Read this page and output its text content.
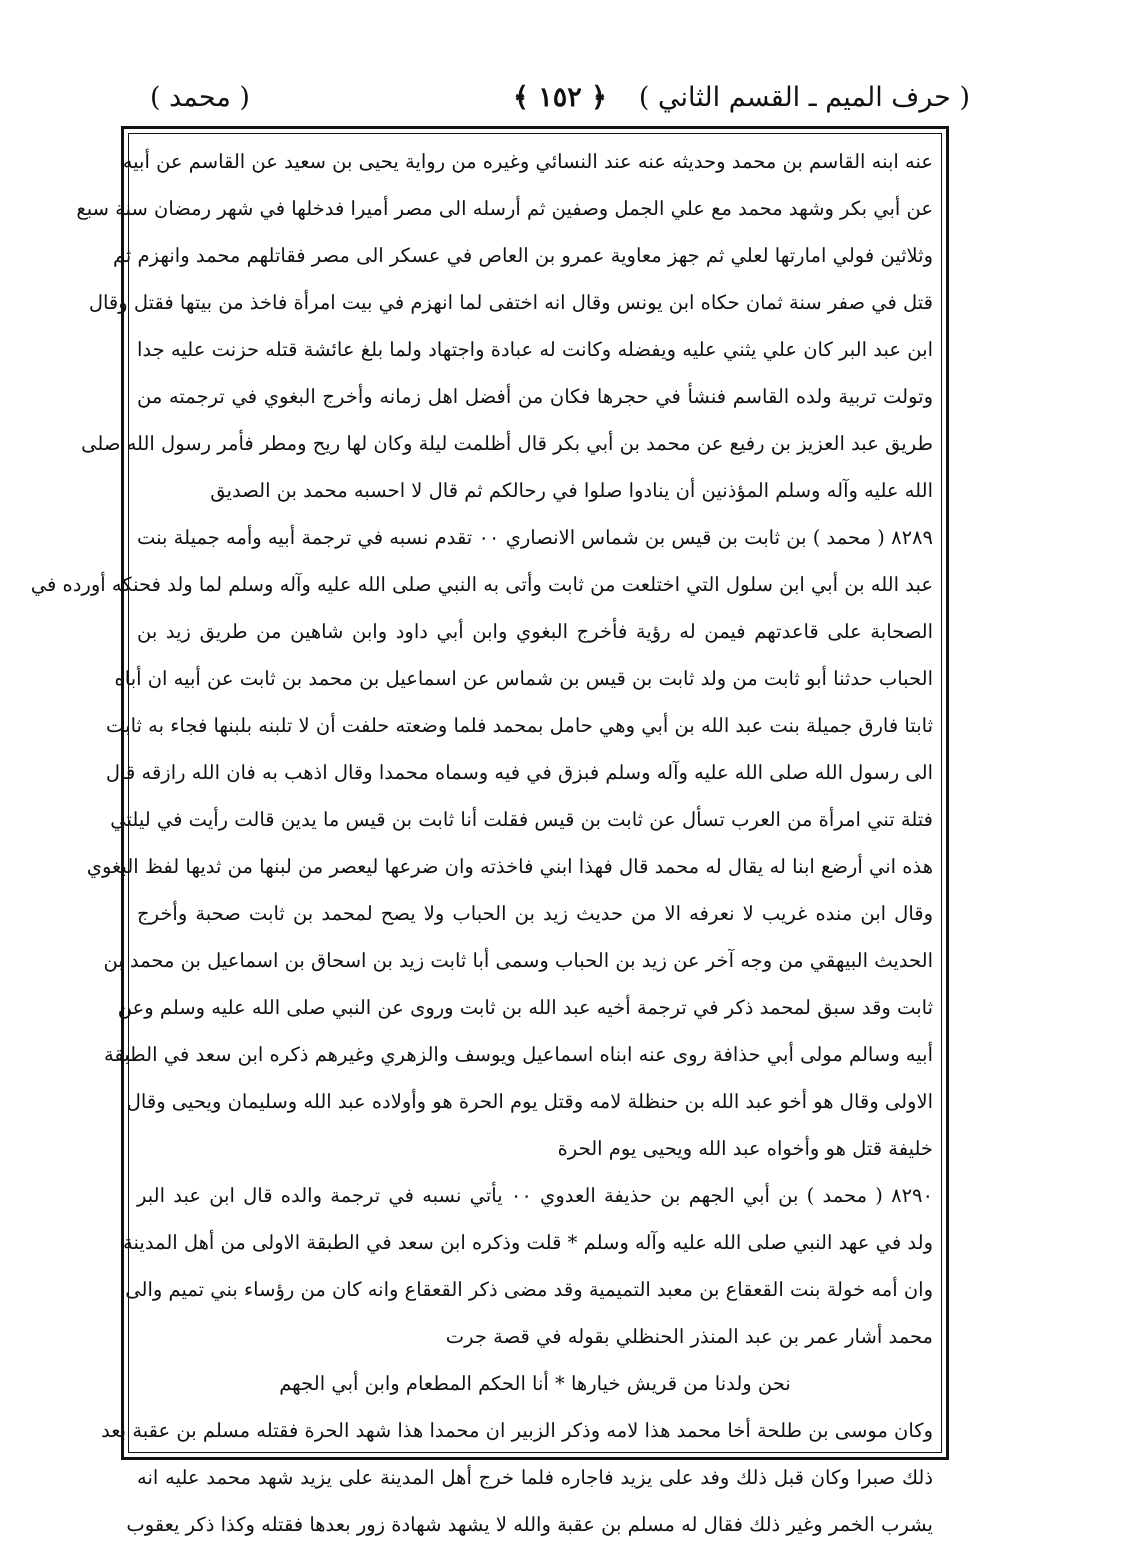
( حرف الميم ـ القسم الثاني )
﴿ ١٥٢ ﴾
( محمد )
عنه ابنه القاسم بن محمد وحديثه عنه عند النسائي وغيره من رواية يحيى بن سعيد عن القاسم عن أبيه
عن أبي بكر وشهد محمد مع علي الجمل وصفين ثم أرسله الى مصر أميرا فدخلها في شهر رمضان سنة سبع
وثلاثين فولي امارتها لعلي ثم جهز معاوية عمرو بن العاص في عسكر الى مصر فقاتلهم محمد وانهزم ثم
قتل في صفر سنة ثمان حكاه ابن يونس وقال انه اختفى لما انهزم في بيت امرأة فاخذ من بيتها فقتل وقال
ابن عبد البر كان علي يثني عليه ويفضله وكانت له عبادة واجتهاد ولما بلغ عائشة قتله حزنت عليه جدا
وتولت تربية ولده القاسم فنشأ في حجرها فكان من أفضل اهل زمانه وأخرج البغوي في ترجمته من
طريق عبد العزيز بن رفيع عن محمد بن أبي بكر قال أظلمت ليلة وكان لها ريح ومطر فأمر رسول الله صلى
الله عليه وآله وسلم المؤذنين أن ينادوا صلوا في رحالكم ثم قال لا احسبه محمد بن الصديق
٨٢٨٩ ( محمد ) بن ثابت بن قيس بن شماس الانصاري ٠٠ تقدم نسبه في ترجمة أبيه وأمه جميلة بنت
عبد الله بن أبي ابن سلول التي اختلعت من ثابت وأتى به النبي صلى الله عليه وآله وسلم لما ولد فحنكه أورده في
الصحابة على قاعدتهم فيمن له رؤية فأخرج البغوي وابن أبي داود وابن شاهين من طريق زيد بن
الحباب حدثنا أبو ثابت من ولد ثابت بن قيس بن شماس عن اسماعيل بن محمد بن ثابت عن أبيه ان أباه
ثابتا فارق جميلة بنت عبد الله بن أبي وهي حامل بمحمد فلما وضعته حلفت أن لا تلبنه بلبنها فجاء به ثابت
الى رسول الله صلى الله عليه وآله وسلم فبزق في فيه وسماه محمدا وقال اذهب به فان الله رازقه قال
فتلة تني امرأة من العرب تسأل عن ثابت بن قيس فقلت أنا ثابت بن قيس ما يدين قالت رأيت في ليلتي
هذه اني أرضع ابنا له يقال له محمد قال فهذا ابني فاخذته وان ضرعها ليعصر من لبنها من ثديها لفظ البغوي
وقال ابن منده غريب لا نعرفه الا من حديث زيد بن الحباب ولا يصح لمحمد بن ثابت صحبة وأخرج
الحديث البيهقي من وجه آخر عن زيد بن الحباب وسمى أبا ثابت زيد بن اسحاق بن اسماعيل بن محمد بن
ثابت وقد سبق لمحمد ذكر في ترجمة أخيه عبد الله بن ثابت وروى عن النبي صلى الله عليه وسلم وعن
أبيه وسالم مولى أبي حذافة روى عنه ابناه اسماعيل ويوسف والزهري وغيرهم ذكره ابن سعد في الطبقة
الاولى وقال هو أخو عبد الله بن حنظلة لامه وقتل يوم الحرة هو وأولاده عبد الله وسليمان ويحيى وقال
خليفة قتل هو وأخواه عبد الله ويحيى يوم الحرة
٨٢٩٠ ( محمد ) بن أبي الجهم بن حذيفة العدوي ٠٠ يأتي نسبه في ترجمة والده قال ابن عبد البر
ولد في عهد النبي صلى الله عليه وآله وسلم * قلت وذكره ابن سعد في الطبقة الاولى من أهل المدينة
وان أمه خولة بنت القعقاع بن معبد التميمية وقد مضى ذكر القعقاع وانه كان من رؤساء بني تميم والى
محمد أشار عمر بن عبد المنذر الحنظلي بقوله في قصة جرت
نحن ولدنا من قريش خيارها * أنا الحكم المطعام وابن أبي الجهم
وكان موسى بن طلحة أخا محمد هذا لامه وذكر الزبير ان محمدا هذا شهد الحرة فقتله مسلم بن عقبة بعد
ذلك صبرا وكان قبل ذلك وفد على يزيد فاجاره فلما خرج أهل المدينة على يزيد شهد محمد عليه انه
يشرب الخمر وغير ذلك فقال له مسلم بن عقبة والله لا يشهد شهادة زور بعدها فقتله وكذا ذكر يعقوب
